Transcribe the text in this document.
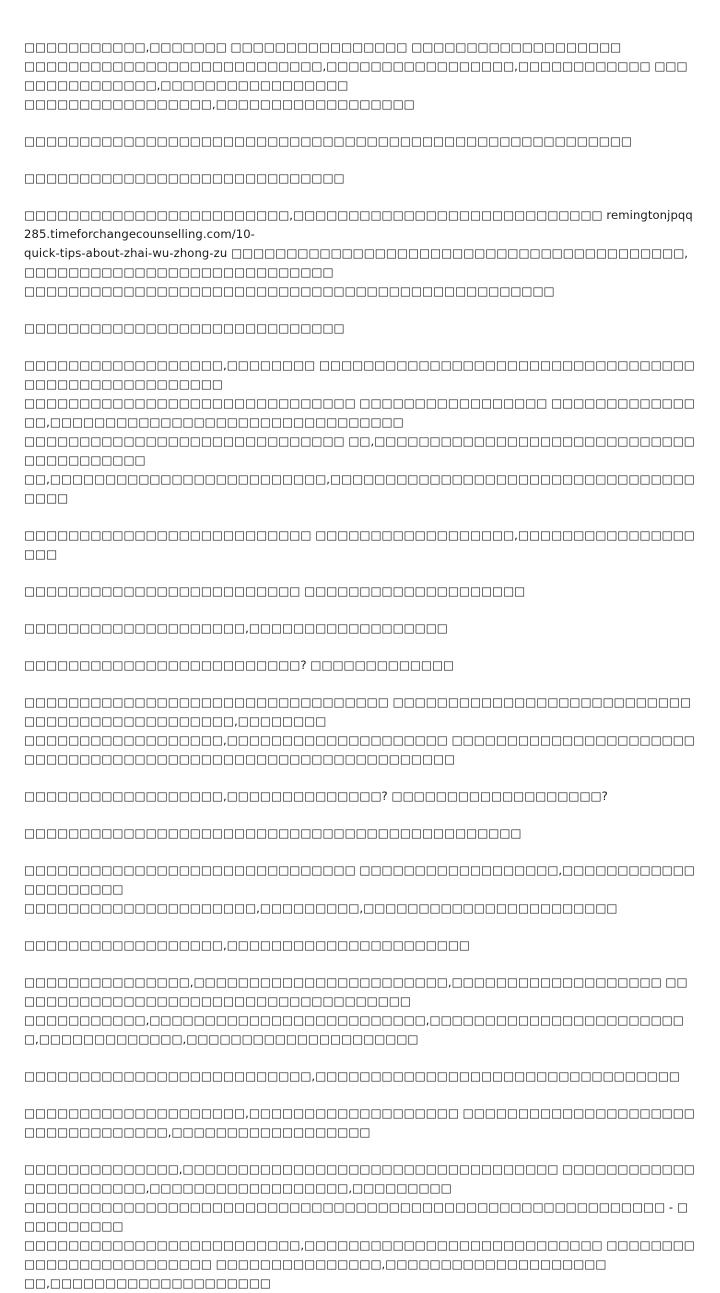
□□□□□□□□□□□,□□□□□□□ □□□□□□□□□□□□□□□□ □□□□□□□□□□□□□□□□□□□
□□□□□□□□□□□□□□□□□□□□□□□□□□□,□□□□□□□□□□□□□□□□□,□□□□□□□□□□□□ □□□□□□□□□□□□□□□,□□□□□□□□□□□□□□□□□
□□□□□□□□□□□□□□□□□,□□□□□□□□□□□□□□□□□□

□□□□□□□□□□□□□□□□□□□□□□□□□□□□□□□□□□□□□□□□□□□□□□□□□□□□□□□

□□□□□□□□□□□□□□□□□□□□□□□□□□□□□

□□□□□□□□□□□□□□□□□□□□□□□□,□□□□□□□□□□□□□□□□□□□□□□□□□□□□ remingtonjpqq285.timeforchangecounselling.com/10-
quick-tips-about-zhai-wu-zhong-zu □□□□□□□□□□□□□□□□□□□□□□□□□□□□□□□□□□□□□□□□□,□□□□□□□□□□□□□□□□□□□□□□□□□□□□
□□□□□□□□□□□□□□□□□□□□□□□□□□□□□□□□□□□□□□□□□□□□□□□□

□□□□□□□□□□□□□□□□□□□□□□□□□□□□□

□□□□□□□□□□□□□□□□□□,□□□□□□□□ □□□□□□□□□□□□□□□□□□□□□□□□□□□□□□□□□□□□□□□□□□□□□□□□□□□□
□□□□□□□□□□□□□□□□□□□□□□□□□□□□□□ □□□□□□□□□□□□□□□□□ □□□□□□□□□□□□□□□,□□□□□□□□□□□□□□□□□□□□□□□□□□□□□□□□
□□□□□□□□□□□□□□□□□□□□□□□□□□□□□ □□,□□□□□□□□□□□□□□□□□□□□□□□□□□□□□□□□□□□□□□□□
□□,□□□□□□□□□□□□□□□□□□□□□□□□□,□□□□□□□□□□□□□□□□□□□□□□□□□□□□□□□□□□□□□

□□□□□□□□□□□□□□□□□□□□□□□□□□ □□□□□□□□□□□□□□□□□□,□□□□□□□□□□□□□□□□□□□

□□□□□□□□□□□□□□□□□□□□□□□□□ □□□□□□□□□□□□□□□□□□□□

□□□□□□□□□□□□□□□□□□□□,□□□□□□□□□□□□□□□□□□

□□□□□□□□□□□□□□□□□□□□□□□□□? □□□□□□□□□□□□□

□□□□□□□□□□□□□□□□□□□□□□□□□□□□□□□□□ □□□□□□□□□□□□□□□□□□□□□□□□□□□□□□□□□□□□□□□□□□□□□□,□□□□□□□□
□□□□□□□□□□□□□□□□□□,□□□□□□□□□□□□□□□□□□□□ □□□□□□□□□□□□□□□□□□□□□□□□□□□□□□□□□□□□□□□□□□□□□□□□□□□□□□□□□□□□□

□□□□□□□□□□□□□□□□□□,□□□□□□□□□□□□□□? □□□□□□□□□□□□□□□□□□□?

□□□□□□□□□□□□□□□□□□□□□□□□□□□□□□□□□□□□□□□□□□□□□

□□□□□□□□□□□□□□□□□□□□□□□□□□□□□□ □□□□□□□□□□□□□□□□□□,□□□□□□□□□□□□□□□□□□□□□
□□□□□□□□□□□□□□□□□□□□□,□□□□□□□□□,□□□□□□□□□□□□□□□□□□□□□□□

□□□□□□□□□□□□□□□□□□,□□□□□□□□□□□□□□□□□□□□□□

□□□□□□□□□□□□□□□,□□□□□□□□□□□□□□□□□□□□□□□,□□□□□□□□□□□□□□□□□□□ □□□□□□□□□□□□□□□□□□□□□□□□□□□□□□□□□□□□□
□□□□□□□□□□□,□□□□□□□□□□□□□□□□□□□□□□□□□,□□□□□□□□□□□□□□□□□□□□□□□□,□□□□□□□□□□□□□,□□□□□□□□□□□□□□□□□□□□□

□□□□□□□□□□□□□□□□□□□□□□□□□□,□□□□□□□□□□□□□□□□□□□□□□□□□□□□□□□□□

□□□□□□□□□□□□□□□□□□□□,□□□□□□□□□□□□□□□□□□□ □□□□□□□□□□□□□□□□□□□□□□□□□□□□□□□□□□,□□□□□□□□□□□□□□□□□□

□□□□□□□□□□□□□□,□□□□□□□□□□□□□□□□□□□□□□□□□□□□□□□□□□ □□□□□□□□□□□□□□□□□□□□□□□,□□□□□□□□□□□□□□□□□□,□□□□□□□□□
□□□□□□□□□□□□□□□□□□□□□□□□□□□□□□□□□□□□□□□□□□□□□□□□□□□□□□□□□□ - □□□□□□□□□□
□□□□□□□□□□□□□□□□□□□□□□□□□,□□□□□□□□□□□□□□□□□□□□□□□□□□□ □□□□□□□□□□□□□□□□□□□□□□□□□ □□□□□□□□□□□□□□□,□□□□□□□□□□□□□□□□□□□□
□□,□□□□□□□□□□□□□□□□□□□□
